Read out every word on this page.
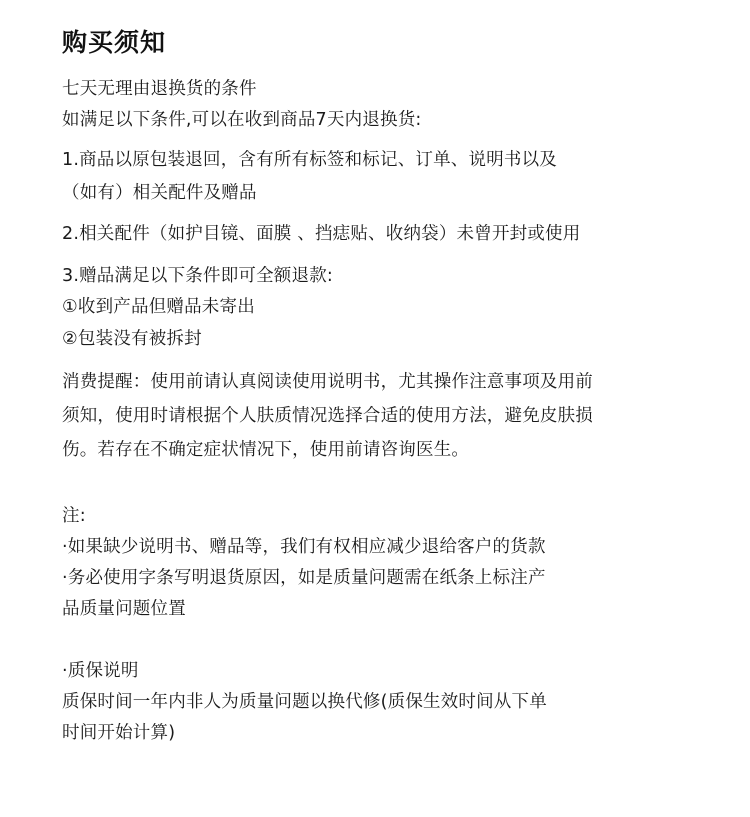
购买须知
七天无理由退换货的条件
如满足以下条件,可以在收到商品7天内退换货:
1.商品以原包装退回，含有所有标签和标记、订单、说明书以及
（如有）相关配件及赠品
2.相关配件（如护目镜、面膜 、挡痣贴、收纳袋）未曾开封或使用
3.赠品满足以下条件即可全额退款:
①收到产品但赠品未寄出
②包装没有被拆封
消费提醒：使用前请认真阅读使用说明书，尤其操作注意事项及用前
须知，使用时请根据个人肤质情况选择合适的使用方法，避免皮肤损
伤。若存在不确定症状情况下，使用前请咨询医生。
注:
·如果缺少说明书、赠品等，我们有权相应减少退给客户的货款
·务必使用字条写明退货原因，如是质量问题需在纸条上标注产
品质量问题位置
·质保说明
质保时间一年内非人为质量问题以换代修(质保生效时间从下单
时间开始计算)
